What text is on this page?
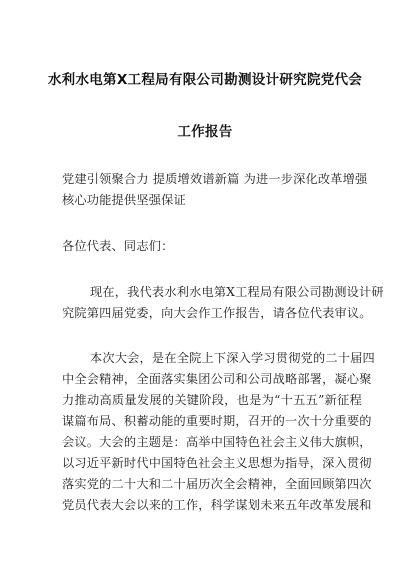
水利水电第X工程局有限公司勘测设计研究院党代会
工作报告
党建引领聚合力 提质增效谱新篇 为进一步深化改革增强
核心功能提供坚强保证
各位代表、同志们：
现在，我代表水利水电第X工程局有限公司勘测设计研
究院第四届党委，向大会作工作报告，请各位代表审议。
本次大会，是在全院上下深入学习贯彻党的二十届四
中全会精神，全面落实集团公司和公司战略部署，凝心聚
力推动高质量发展的关键阶段，也是为“十五五”新征程
谋篇布局、积蓄动能的重要时期，召开的一次十分重要的
会议。大会的主题是：高举中国特色社会主义伟大旗帜，
以习近平新时代中国特色社会主义思想为指导，深入贯彻
落实党的二十大和二十届历次全会精神，全面回顾第四次
党员代表大会以来的工作，科学谋划未来五年改革发展和
